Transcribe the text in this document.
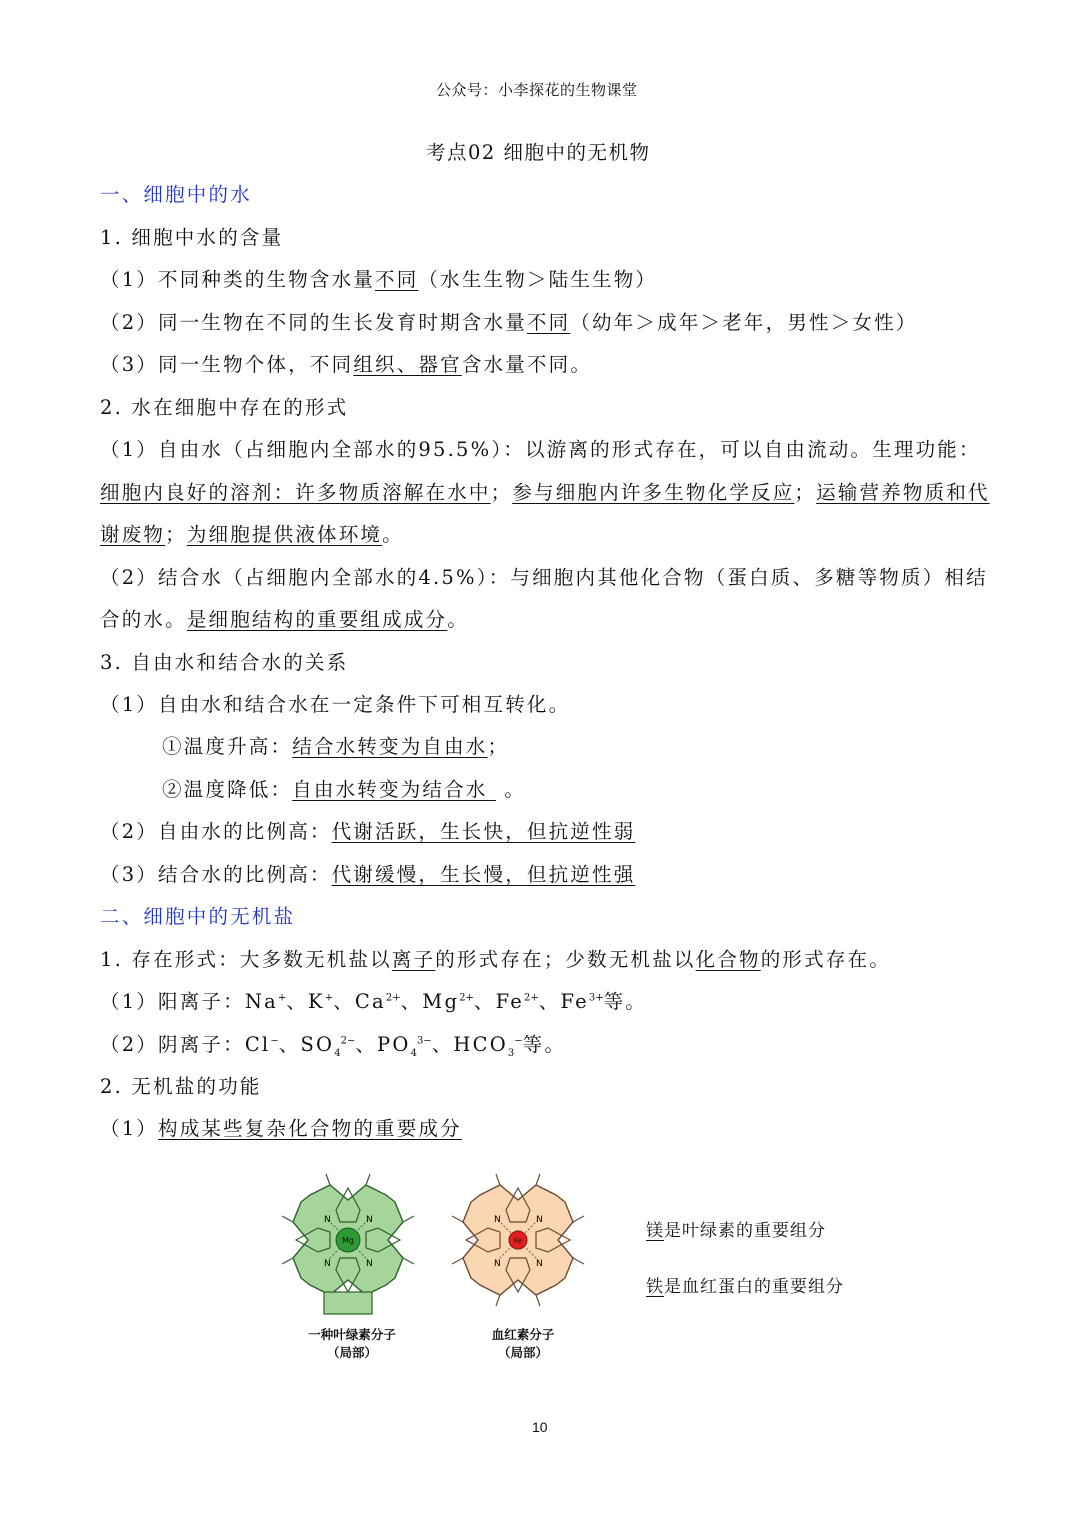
公众号：小李探花的生物课堂
考点02 细胞中的无机物
一、细胞中的水
1. 细胞中水的含量
（1）不同种类的生物含水量不同（水生生物＞陆生生物）
（2）同一生物在不同的生长发育时期含水量不同（幼年＞成年＞老年，男性＞女性）
（3）同一生物个体，不同组织、器官含水量不同。
2. 水在细胞中存在的形式
（1）自由水（占细胞内全部水的95.5%）：以游离的形式存在，可以自由流动。生理功能：
细胞内良好的溶剂：许多物质溶解在水中；参与细胞内许多生物化学反应；运输营养物质和代
谢废物；为细胞提供液体环境。
（2）结合水（占细胞内全部水的4.5%）：与细胞内其他化合物（蛋白质、多糖等物质）相结
合的水。是细胞结构的重要组成成分。
3. 自由水和结合水的关系
（1）自由水和结合水在一定条件下可相互转化。
①温度升高：结合水转变为自由水；
②温度降低：自由水转变为结合水  。
（2）自由水的比例高：代谢活跃，生长快，但抗逆性弱
（3）结合水的比例高：代谢缓慢，生长慢，但抗逆性强
二、细胞中的无机盐
1. 存在形式：大多数无机盐以离子的形式存在；少数无机盐以化合物的形式存在。
（1）阳离子：Na+、K+、$Ca^{2+}$、$Mg^{2+}$、$Fe^{2+}$、$Fe^{3+}$等。
（2）阴离子：Cl−、$SO_4^{2-}$、$PO_4^{3-}$、$HCO_3^-$等。
2. 无机盐的功能
（1）构成某些复杂化合物的重要成分
N	N
N	N
Mg
N	N
N	N
Fe
一种叶绿素分子
（局部）
血红素分子
（局部）
镁是叶绿素的重要组分
铁是血红蛋白的重要组分
10
